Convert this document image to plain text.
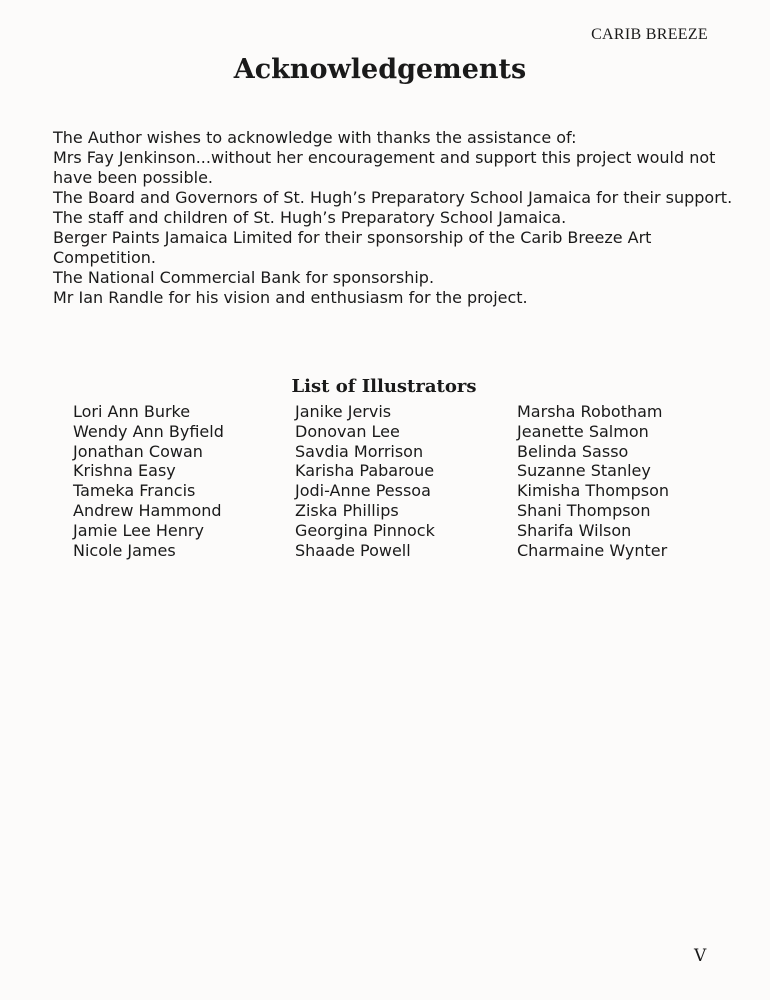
CARIB BREEZE
Acknowledgements

The Author wishes to acknowledge with thanks the assistance of:

Mrs Fay Jenkinson...without her encouragement and support this project would not have been possible.

The Board and Governors of St. Hugh’s Preparatory School Jamaica for their support.

The staff and children of St. Hugh’s Preparatory School Jamaica.

Berger Paints Jamaica Limited for their sponsorship of the Carib Breeze Art Competition.

The National Commercial Bank for sponsorship.

Mr Ian Randle for his vision and enthusiasm for the project.

List of Illustrators
Lori Ann Burke
Wendy Ann Byfield
Jonathan Cowan
Krishna Easy
Tameka Francis
Andrew Hammond
Jamie Lee Henry
Nicole James
Janike Jervis
Donovan Lee
Savdia Morrison
Karisha Pabaroue
Jodi-Anne Pessoa
Ziska Phillips
Georgina Pinnock
Shaade Powell
Marsha Robotham
Jeanette Salmon
Belinda Sasso
Suzanne Stanley
Kimisha Thompson
Shani Thompson
Sharifa Wilson
Charmaine Wynter
V
